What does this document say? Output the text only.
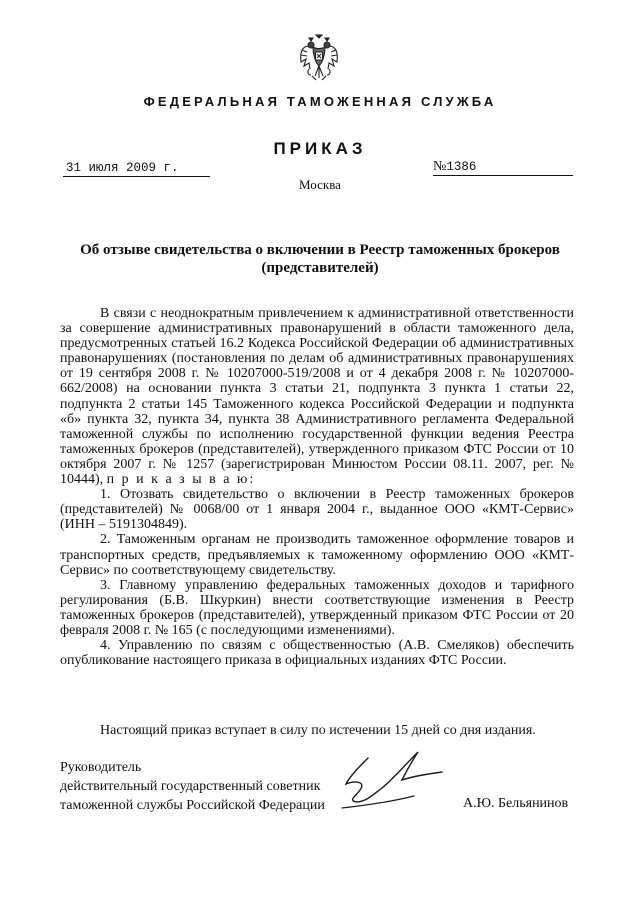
ФЕДЕРАЛЬНАЯ ТАМОЖЕННАЯ СЛУЖБА
ПРИКАЗ
31 июля 2009 г.	№1386
Москва
Об отзыве свидетельства о включении в Реестр таможенных брокеров
(представителей)

В связи с неоднократным привлечением к административной ответственности за совершение административных правонарушений в области таможенного дела, предусмотренных статьей 16.2 Кодекса Российской Федерации об административных правонарушениях (постановления по делам об административных правонарушениях от 19 сентября 2008 г. № 10207000-519/2008 и от 4 декабря 2008 г. № 10207000-662/2008) на основании пункта 3 статьи 21, подпункта 3 пункта 1 статьи 22, подпункта 2 статьи 145 Таможенного кодекса Российской Федерации и подпункта «б» пункта 32, пункта 34, пункта 38 Административного регламента Федеральной таможенной службы по исполнению государственной функции ведения Реестра таможенных брокеров (представителей), утвержденного приказом ФТС России от 10 октября 2007 г. № 1257 (зарегистрирован Минюстом России 08.11. 2007, рег. № 10444), п р и к а з ы в а ю:

1. Отозвать свидетельство о включении в Реестр таможенных брокеров (представителей) № 0068/00 от 1 января 2004 г., выданное ООО «КМТ-Сервис» (ИНН – 5191304849).

2. Таможенным органам не производить таможенное оформление товаров и транспортных средств, предъявляемых к таможенному оформлению ООО «КМТ-Сервис» по соответствующему свидетельству.

3. Главному управлению федеральных таможенных доходов и тарифного регулирования (Б.В. Шкуркин) внести соответствующие изменения в Реестр таможенных брокеров (представителей), утвержденный приказом ФТС России от 20 февраля 2008 г. № 165 (с последующими изменениями).

4. Управлению по связям с общественностью (А.В. Смеляков) обеспечить опубликование настоящего приказа в официальных изданиях ФТС России.

Настоящий приказ вступает в силу по истечении 15 дней со дня издания.
Руководитель
действительный государственный советник
таможенной службы Российской Федерации	А.Ю. Бельянинов
